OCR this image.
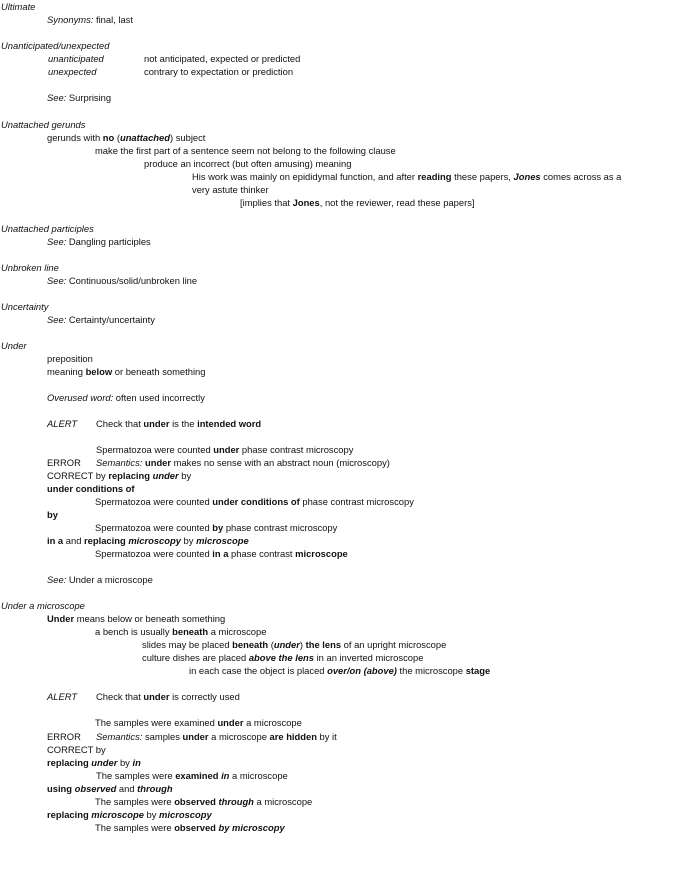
Ultimate
Synonyms: final, last
Unanticipated/unexpected
unanticipated	not anticipated, expected or predicted
unexpected	contrary to expectation or prediction
See: Surprising
Unattached gerunds
gerunds with no (unattached) subject
make the first part of a sentence seem not belong to the following clause
produce an incorrect (but often amusing) meaning
His work was mainly on epididymal function, and after reading these papers, Jones comes across as a
very astute thinker
[implies that Jones, not the reviewer, read these papers]
Unattached participles
See: Dangling participles
Unbroken line
See: Continuous/solid/unbroken line
Uncertainty
See: Certainty/uncertainty
Under
preposition
meaning below or beneath something
Overused word: often used incorrectly
ALERT Check that under is the intended word
Spermatozoa were counted under phase contrast microscopy
ERROR Semantics: under makes no sense with an abstract noun (microscopy)
CORRECT by replacing under by
under conditions of
Spermatozoa were counted under conditions of phase contrast microscopy
by
Spermatozoa were counted by phase contrast microscopy
in a and replacing microscopy by microscope
Spermatozoa were counted in a phase contrast microscope
See: Under a microscope
Under a microscope
Under means below or beneath something
a bench is usually beneath a microscope
slides may be placed beneath (under) the lens of an upright microscope
culture dishes are placed above the lens in an inverted microscope
in each case the object is placed over/on (above) the microscope stage
ALERT Check that under is correctly used
The samples were examined under a microscope
ERROR Semantics: samples under a microscope are hidden by it
CORRECT by
replacing under by in
The samples were examined in a microscope
using observed and through
The samples were observed through a microscope
replacing microscope by microscopy
The samples were observed by microscopy
